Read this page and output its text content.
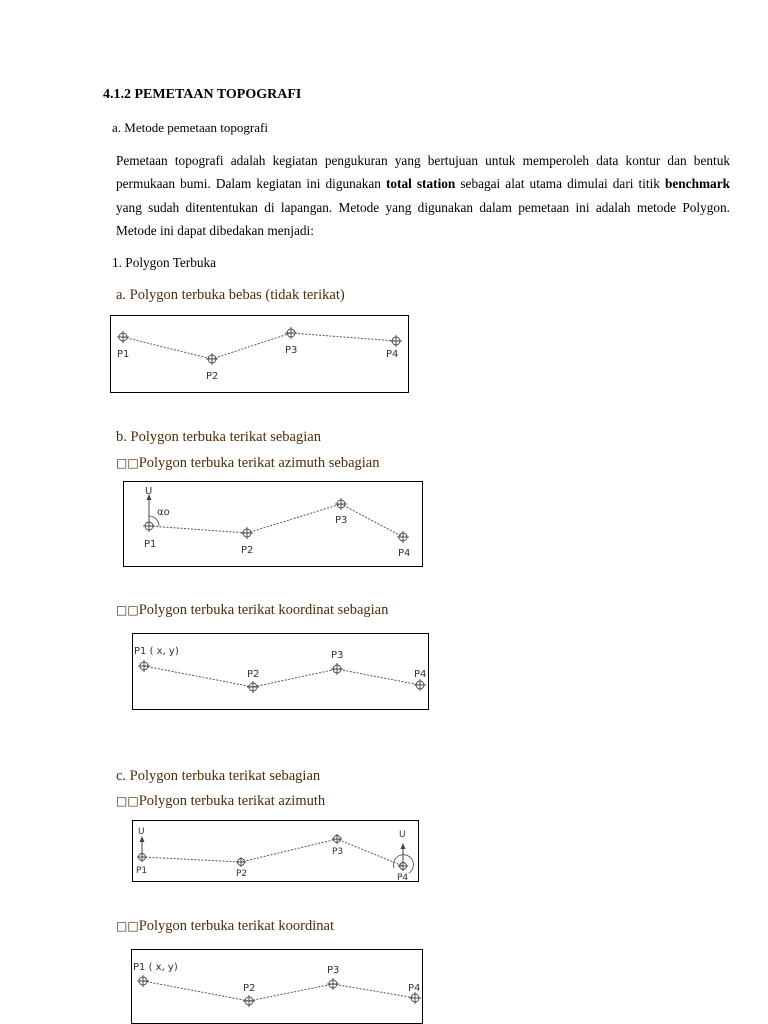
4.1.2 PEMETAAN TOPOGRAFI
a. Metode pemetaan topografi
Pemetaan topografi adalah kegiatan pengukuran yang bertujuan untuk memperoleh data kontur dan bentuk permukaan bumi. Dalam kegiatan ini digunakan total station sebagai alat utama dimulai dari titik benchmark yang sudah ditententukan di lapangan. Metode yang digunakan dalam pemetaan ini adalah metode Polygon. Metode ini dapat dibedakan menjadi:
1. Polygon Terbuka
a. Polygon terbuka bebas (tidak terikat)
P1
P2
P3	P4
b. Polygon terbuka terikat sebagian
□□Polygon terbuka terikat azimuth sebagian
U
αo
P1
P2
P3
P4
□□Polygon terbuka terikat koordinat sebagian
P1 ( x, y)
P2
P3
P4
c. Polygon terbuka terikat sebagian
□□Polygon terbuka terikat azimuth
U	U
P1	P2
P3
P4
□□Polygon terbuka terikat koordinat
P1 ( x, y)
P2
P3
P4
